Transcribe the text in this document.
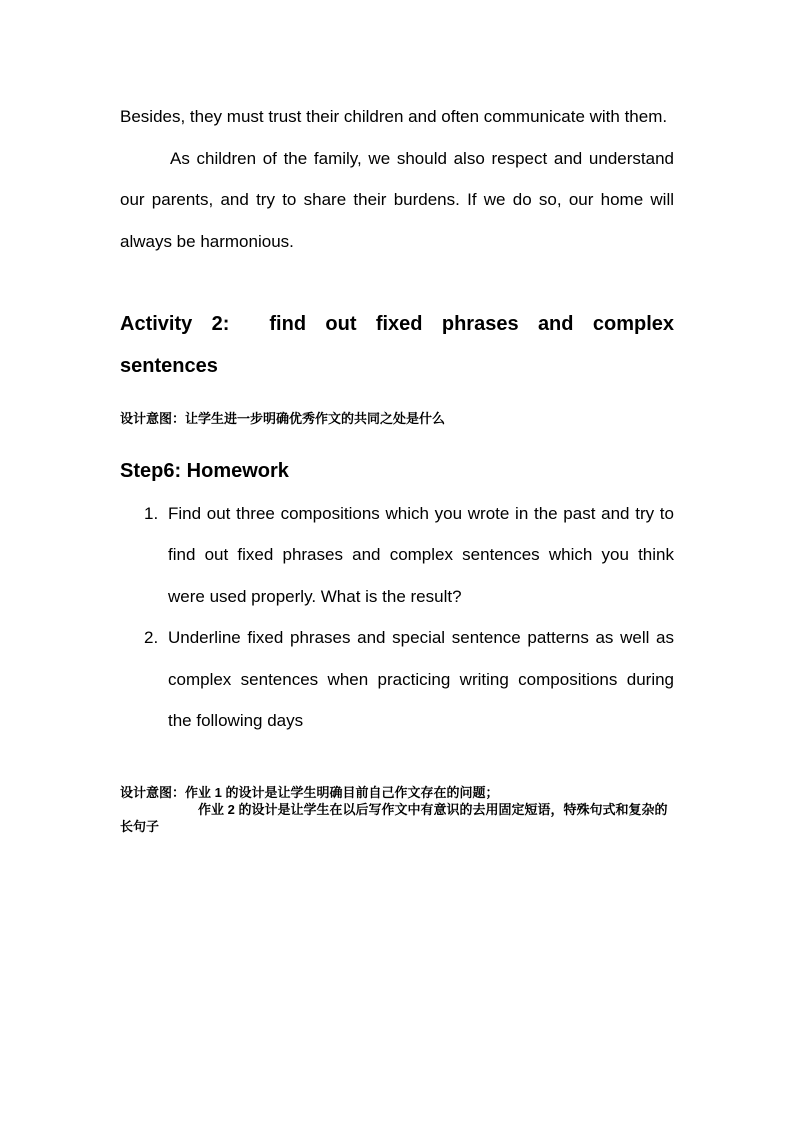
Besides, they must trust their children and often communicate with them.

As children of the family, we should also respect and understand our parents, and try to share their burdens. If we do so, our home will always be harmonious.

Activity 2: find out fixed phrases and complex sentences

设计意图：让学生进一步明确优秀作文的共同之处是什么

Step6: Homework
1. Find out three compositions which you wrote in the past and try to find out fixed phrases and complex sentences which you think were used properly. What is the result?
2. Underline fixed phrases and special sentence patterns as well as complex sentences when practicing writing compositions during the following days
设计意图：作业 1 的设计是让学生明确目前自己作文存在的问题；
作业 2 的设计是让学生在以后写作文中有意识的去用固定短语，特殊句式和复杂的长句子
